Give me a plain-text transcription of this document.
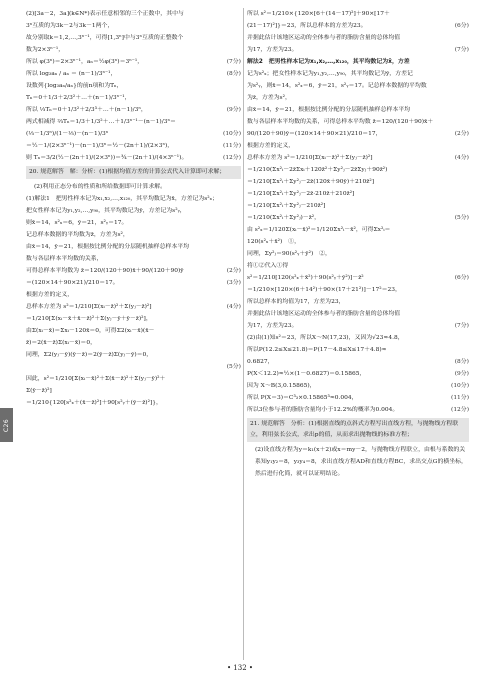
C26
(2)[3a－2，3a](k∈N*)表示任意相邻的三个正数中，其中与
3ⁿ互质的为3k－2与3k－1两个，
故分别取k＝1,2,…,3ⁿ⁻¹，可得[1,3ⁿ]中与3ⁿ互质的正整数个
数为2×3ⁿ⁻¹，
所以 φ(3ⁿ)＝2×3ⁿ⁻¹，aₙ＝½φ(3ⁿ)＝3ⁿ⁻¹，	(7分)
所以 log₃aₙ / aₙ ＝ (n－1)/3ⁿ⁻¹，	(8分)
设数列{log₃aₙ/aₙ}的前n项和为Tₙ，
Tₙ＝0＋1/3＋2/3²＋…＋(n－1)/3ⁿ⁻¹，
所以 ⅓Tₙ＝0＋1/3²＋2/3³＋…＋(n－1)/3ⁿ，	(9分)
两式相减得 ⅔Tₙ＝1/3＋1/3²＋…＋1/3ⁿ⁻¹－(n－1)/3ⁿ＝
(⅓－1/3ⁿ)/(1－⅓)－(n－1)/3ⁿ	(10分)
＝½－1/(2×3ⁿ⁻¹)－(n－1)/3ⁿ＝½－(2n＋1)/(2×3ⁿ)，	(11分)
则 Tₙ＝3/2(½－(2n＋1)/(2×3ⁿ))＝¾－(2n＋1)/(4×3ⁿ⁻¹)。	(12分)
20. 规范解答　解：分析：(1)根据均值方差的计算公式代入计算即可求解；
(2)利用正态分布的性质和所给数据即可计算求解。
(1)解法1　把男性样本记为x₁,x₂,…,x₁₂₀，其平均数记为x̄，方差记为s²ₓ；
把女性样本记为y₁,y₂,…,y₉₀，其平均数记为ȳ，方差记为s²ᵧ，
则x̄＝14，s²ₓ＝6，ȳ＝21，s²ᵧ＝17。
记总样本数据的平均数为z̄，方差为s²，
由x̄＝14，ȳ＝21，根据按比例分配的分层随机抽样总样本平均
数与各层样本平均数的关系，
可得总样本平均数为 z̄＝120/(120＋90)x̄＋90/(120＋90)ȳ	(2分)
＝(120×14＋90×21)/210＝17。	(3分)
根据方差的定义，
总样本方差为 s²＝1/210[Σ(xᵢ－z̄)²＋Σ(yⱼ－z̄)²]	(4分)
＝1/210[Σ(xᵢ－x̄＋x̄－z̄)²＋Σ(yⱼ－ȳ＋ȳ－z̄)²]，
由Σ(xᵢ－x̄)＝Σxᵢ－120x̄＝0，可得Σ2(xᵢ－x̄)(x̄－
z̄)＝2(x̄－z̄)Σ(xᵢ－x̄)＝0，
同理，Σ2(yⱼ－ȳ)(ȳ－z̄)＝2(ȳ－z̄)Σ(yⱼ－ȳ)＝0，
(5分)
因此，s²＝1/210[Σ(xᵢ－x̄)²＋Σ(x̄－z̄)²＋Σ(yⱼ－ȳ)²＋
Σ(ȳ－z̄)²]
＝1/210{120[s²ₓ＋(x̄－z̄)²]＋90[s²ᵧ＋(ȳ－z̄)²]}，
所以 s²＝1/210×{120×[6＋(14－17)²]＋90×[17＋
(21－17)²]}＝23，所以总样本的方差为23。	(6分)
并据此估计该地区运动的全体参与者的脂肪含量的总体均值
为17，方差为23。	(7分)
解法2　把男性样本记为x₁,x₂,…,x₁₂₀，其平均数记为x̄，方差
记为s²ₓ；把女性样本记为y₁,y₂,…,y₉₀，其平均数记为ȳ，方差记
为s²ᵧ，则x̄＝14，s²ₓ＝6，ȳ＝21，s²ᵧ＝17。记总样本数据的平均数
为z̄，方差为s²，
由x̄＝14，ȳ＝21，根据按比例分配的分层随机抽样总样本平均
数与各层样本平均数的关系，可得总样本平均数 z̄＝120/(120＋90)x̄＋
90/(120＋90)ȳ＝(120×14＋90×21)/210＝17，	(2分)
根据方差的定义，
总样本方差为 s²＝1/210[Σ(xᵢ－z̄)²＋Σ(yⱼ－z̄)²]	(4分)
＝1/210(Σx²ᵢ－2z̄Σxᵢ＋120z̄²＋Σy²ⱼ－2z̄Σyⱼ＋90z̄²)
＝1/210[Σx²ᵢ＋Σy²ⱼ－2z̄(120x̄＋90ȳ)＋210z̄²]
＝1/210[Σx²ᵢ＋Σy²ⱼ－2z̄·210z̄＋210z̄²]
＝1/210[Σx²ᵢ＋Σy²ⱼ－210z̄²]
＝1/210(Σx²ᵢ＋Σy²ⱼ)－z̄²，	(5分)
由 s²ₓ＝1/120Σ(xᵢ－x̄)²＝1/120Σx²ᵢ－x̄²，可得Σx²ᵢ＝
120(s²ₓ＋x̄²)　①，
同理，Σy²ⱼ＝90(s²ᵧ＋ȳ²)　②，
将①②代入①得
s²＝1/210[120(s²ₓ＋x̄²)＋90(s²ᵧ＋ȳ²)]－z̄²	(6分)
＝1/210×[120×(6＋14²)＋90×(17＋21²)]－17²＝23，
所以总样本的均值为17，方差为23，
并据此估计该地区运动的全体参与者的脂肪含量的总体均值
为17，方差为23。	(7分)
(2)由(1)知s²＝23，所以X～N(17,23)，又因为√23≈4.8，
所以P(12.2≤X≤21.8)＝P(17－4.8≤X≤17＋4.8)≈
0.6827，	(8分)
P(X＜12.2)≈½×(1－0.6827)＝0.15865，	(9分)
因为 X～B(3,0.15865)，	(10分)
所以 P(X＝3)＝C³₃×0.15865³≈0.004，	(11分)
所以3位参与者的脂肪含量均小于12.2%的概率为0.004。	(12分)
21. 规范解答　分析：(1)根据直线的点斜式方程写出直线方程，与抛物线方程联立，利用弦长公式，求出p的值，从而求出抛物线的标准方程；
(2)设直线方程为y＝k₁(x＋2)或x＝my－2，与抛物线方程联立，由根与系数的关系知y₁y₂＝8，y₃y₄＝8，求出直线方程AD和直线方程BC，求出交点G的横坐标，然后进行化简，就可以证明结论。
• 132 •
